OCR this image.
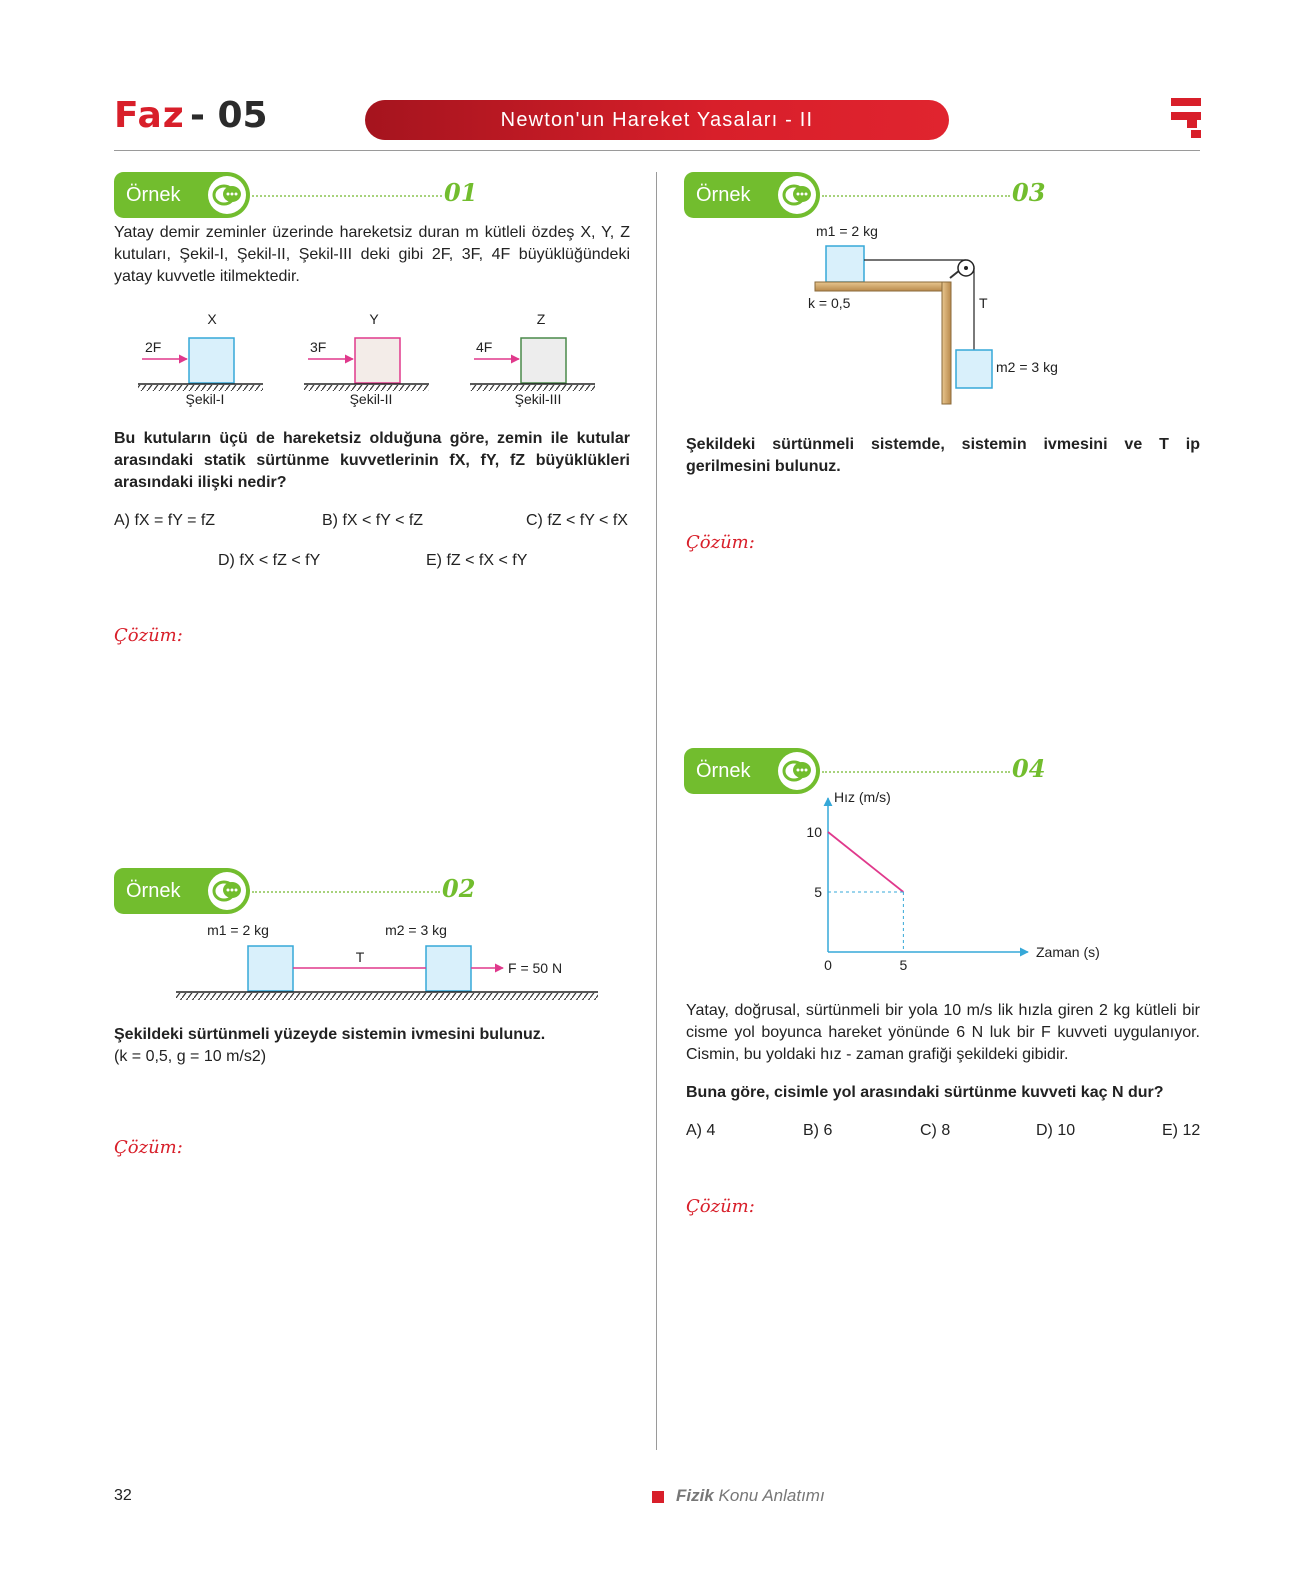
Faz - 05	Newton'un Hareket Yasaları - II
Örnek	01
Yatay demir zeminler üzerinde hareketsiz duran m kütleli özdeş X, Y, Z kutuları, Şekil-I, Şekil-II, Şekil-III deki gibi 2F, 3F, 4F büyüklüğündeki yatay kuvvetle itilmektedir.
X
2F
Şekil-I
Y
3F
Şekil-II
Z
4F
Şekil-III
Bu kutuların üçü de hareketsiz olduğuna göre, zemin ile kutular arasındaki statik sürtünme kuvvetlerinin fX, fY, fZ büyüklükleri arasındaki ilişki nedir?
A) fX = fY = fZ	B) fX < fY < fZ	C) fZ < fY < fX
D) fX < fZ < fY	E) fZ < fX < fY
Çözüm:
Örnek	02
m1 = 2 kg	m2 = 3 kg
T
F = 50 N
Şekildeki sürtünmeli yüzeyde sistemin ivmesini bulunuz.
(k = 0,5, g = 10 m/s2)
Çözüm:
Örnek	03
m1 = 2 kg
k = 0,5	T
m2 = 3 kg
Şekildeki sürtünmeli sistemde, sistemin ivmesini ve T ip gerilmesini bulunuz.
Çözüm:
Örnek	04
Hız (m/s)
Zaman (s)
5
10
0	5
Yatay, doğrusal, sürtünmeli bir yola 10 m/s lik hızla giren 2 kg kütleli bir cisme yol boyunca hareket yönünde 6 N luk bir F kuvveti uygulanıyor. Cismin, bu yoldaki hız - zaman grafiği şekildeki gibidir.
Buna göre, cisimle yol arasındaki sürtünme kuvveti kaç N dur?
A) 4	B) 6	C) 8	D) 10	E) 12
Çözüm:
32	Fizik Konu Anlatımı
